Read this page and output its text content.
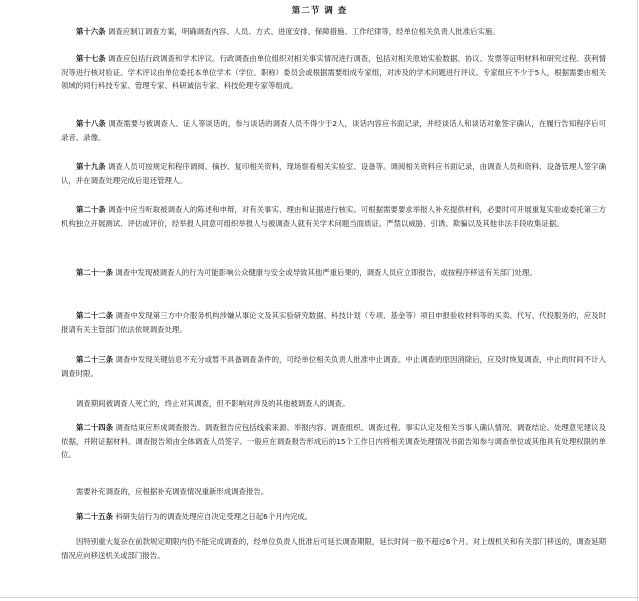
第二节 调 查

第十六条 调查应制订调查方案，明确调查内容、人员、方式、进度安排、保障措施、工作纪律等，经单位相关负责人批准后实施。

第十七条 调查应包括行政调查和学术评议。行政调查由单位组织对相关事实情况进行调查，包括对相关原始实验数据、协议、发票等证明材料和研究过程、获利情况等进行核对验证。学术评议由单位委托本单位学术（学位、职称）委员会或根据需要组成专家组，对涉及的学术问题进行评议。专家组应不少于5人，根据需要由相关领域的同行科技专家、管理专家、科研诚信专家、科技伦理专家等组成。

第十八条 调查需要与被调查人、证人等谈话的，参与谈话的调查人员不得少于2人，谈话内容应书面记录，并经谈话人和谈话对象签字确认，在履行告知程序后可录音、录像。

第十九条 调查人员可按规定和程序调阅、摘抄、复印相关资料，现场察看相关实验室、设备等。调阅相关资料应书面记录，由调查人员和资料、设备管理人签字确认，并在调查处理完成后退还管理人。

第二十条 调查中应当听取被调查人的陈述和申辩，对有关事实、理由和证据进行核实。可根据需要要求举报人补充提供材料，必要时可开展重复实验或委托第三方机构独立开展测试、评估或评价，经举报人同意可组织举报人与被调查人就有关学术问题当面质证。严禁以威胁、引诱、欺骗以及其他非法手段收集证据。

第二十一条 调查中发现被调查人的行为可能影响公众健康与安全或导致其他严重后果的，调查人员应立即报告，或按程序移送有关部门处理。

第二十二条 调查中发现第三方中介服务机构涉嫌从事论文及其实验研究数据、科技计划（专项、基金等）项目申报验收材料等的买卖、代写、代投服务的，应及时报请有关主管部门依法依规调查处理。

第二十三条 调查中发现关键信息不充分或暂不具备调查条件的，可经单位相关负责人批准中止调查。中止调查的原因消除后，应及时恢复调查，中止的时间不计入调查时限。

调查期间被调查人死亡的，终止对其调查，但不影响对涉及的其他被调查人的调查。

第二十四条 调查结束应形成调查报告。调查报告应包括线索来源、举报内容、调查组织、调查过程、事实认定及相关当事人确认情况、调查结论、处理意见建议及依据，并附证据材料。调查报告须由全体调查人员签字。一般应在调查报告形成后的15个工作日内将相关调查处理情况书面告知参与调查单位或其他具有处理权限的单位。

需要补充调查的，应根据补充调查情况重新形成调查报告。

第二十五条 科研失信行为的调查处理应自决定受理之日起6个月内完成。

因特别重大复杂在前款规定期限内仍不能完成调查的，经单位负责人批准后可延长调查期限，延长时间一般不超过6个月。对上级机关和有关部门移送的，调查延期情况应向移送机关或部门报告。
